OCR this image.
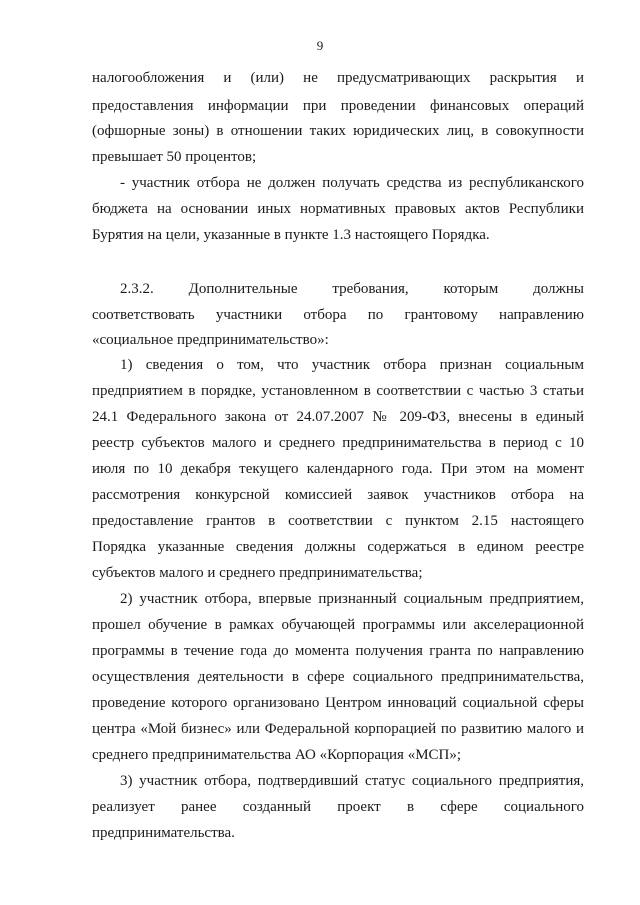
9
налогообложения и (или) не предусматривающих раскрытия и
предоставления информации при проведении финансовых операций
(офшорные зоны) в отношении таких юридических лиц, в совокупности
превышает 50 процентов;
- участник отбора не должен получать средства из республиканского
бюджета на основании иных нормативных правовых актов Республики
Бурятия на цели, указанные в пункте 1.3 настоящего Порядка.
2.3.2. Дополнительные требования, которым должны
соответствовать участники отбора по грантовому направлению
«социальное предпринимательство»:
1) сведения о том, что участник отбора признан социальным
предприятием в порядке, установленном в соответствии с частью 3 статьи
24.1 Федерального закона от 24.07.2007 № 209-ФЗ, внесены в единый
реестр субъектов малого и среднего предпринимательства в период с 10
июля по 10 декабря текущего календарного года. При этом на момент
рассмотрения конкурсной комиссией заявок участников отбора на
предоставление грантов в соответствии с пунктом 2.15 настоящего
Порядка указанные сведения должны содержаться в едином реестре
субъектов малого и среднего предпринимательства;
2) участник отбора, впервые признанный социальным предприятием,
прошел обучение в рамках обучающей программы или акселерационной
программы в течение года до момента получения гранта по направлению
осуществления деятельности в сфере социального предпринимательства,
проведение которого организовано Центром инноваций социальной сферы
центра «Мой бизнес» или Федеральной корпорацией по развитию малого и
среднего предпринимательства АО «Корпорация «МСП»;
3) участник отбора, подтвердивший статус социального предприятия,
реализует ранее созданный проект в сфере социального
предпринимательства.
